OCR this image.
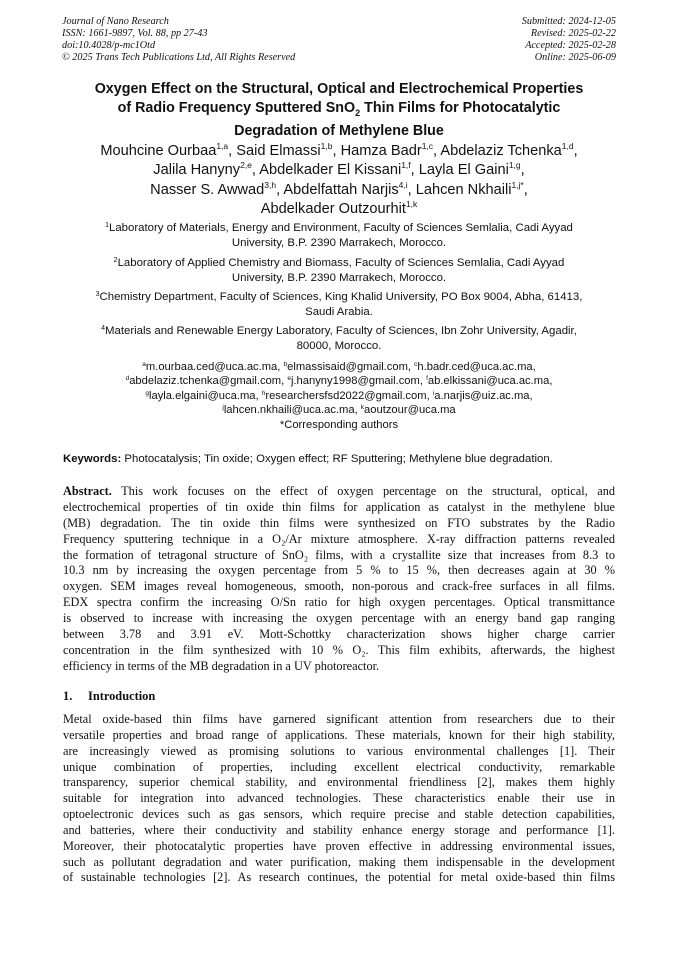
Journal of Nano Research
ISSN: 1661-9897, Vol. 88, pp 27-43
doi:10.4028/p-mc1Otd
© 2025 Trans Tech Publications Ltd, All Rights Reserved
Submitted: 2024-12-05
Revised: 2025-02-22
Accepted: 2025-02-28
Online: 2025-06-09
Oxygen Effect on the Structural, Optical and Electrochemical Properties
of Radio Frequency Sputtered SnO$_2$ Thin Films for Photocatalytic
Degradation of Methylene Blue
Mouhcine Ourbaa$^{1,a}$, Said Elmassi$^{1,b}$, Hamza Badr$^{1,c}$, Abdelaziz Tchenka$^{1,d}$,
Jalila Hanyny$^{2,e}$, Abdelkader El Kissani$^{1,f}$, Layla El Gaini$^{1,g}$,
Nasser S. Awwad$^{3,h}$, Abdelfattah Narjis$^{4,i}$, Lahcen Nkhaili$^{1,j*}$,
Abdelkader Outzourhit$^{1,k}$
$^1$Laboratory of Materials, Energy and Environment, Faculty of Sciences Semlalia, Cadi Ayyad
University, B.P. 2390 Marrakech, Morocco.
$^2$Laboratory of Applied Chemistry and Biomass, Faculty of Sciences Semlalia, Cadi Ayyad
University, B.P. 2390 Marrakech, Morocco.
$^3$Chemistry Department, Faculty of Sciences, King Khalid University, PO Box 9004, Abha, 61413,
Saudi Arabia.
$^4$Materials and Renewable Energy Laboratory, Faculty of Sciences, Ibn Zohr University, Agadir,
80000, Morocco.
$^a$m.ourbaa.ced@uca.ac.ma, $^b$elmassisaid@gmail.com, $^c$h.badr.ced@uca.ac.ma,
$^d$abdelaziz.tchenka@gmail.com, $^e$j.hanyny1998@gmail.com, $^f$ab.elkissani@uca.ac.ma,
$^g$layla.elgaini@uca.ma, $^h$researchersfsd2022@gmail.com, $^i$a.narjis@uiz.ac.ma,
$^j$lahcen.nkhaili@uca.ac.ma, $^k$aoutzour@uca.ma
*Corresponding authors
Keywords: Photocatalysis; Tin oxide; Oxygen effect; RF Sputtering; Methylene blue degradation.
Abstract. This work focuses on the effect of oxygen percentage on the structural, optical, and
electrochemical properties of tin oxide thin films for application as catalyst in the methylene blue
(MB) degradation. The tin oxide thin films were synthesized on FTO substrates by the Radio
Frequency sputtering technique in a O₂/Ar mixture atmosphere. X-ray diffraction patterns revealed
the formation of tetragonal structure of SnO₂ films, with a crystallite size that increases from 8.3 to
10.3 nm by increasing the oxygen percentage from 5 % to 15 %, then decreases again at 30 %
oxygen. SEM images reveal homogeneous, smooth, non-porous and crack-free surfaces in all films.
EDX spectra confirm the increasing O/Sn ratio for high oxygen percentages. Optical transmittance
is observed to increase with increasing the oxygen percentage with an energy band gap ranging
between 3.78 and 3.91 eV. Mott-Schottky characterization shows higher charge carrier
concentration in the film synthesized with 10 % O₂. This film exhibits, afterwards, the highest
efficiency in terms of the MB degradation in a UV photoreactor.
1. Introduction
Metal oxide-based thin films have garnered significant attention from researchers due to their
versatile properties and broad range of applications. These materials, known for their high stability,
are increasingly viewed as promising solutions to various environmental challenges [1]. Their
unique combination of properties, including excellent electrical conductivity, remarkable
transparency, superior chemical stability, and environmental friendliness [2], makes them highly
suitable for integration into advanced technologies. These characteristics enable their use in
optoelectronic devices such as gas sensors, which require precise and stable detection capabilities,
and batteries, where their conductivity and stability enhance energy storage and performance [1].
Moreover, their photocatalytic properties have proven effective in addressing environmental issues,
such as pollutant degradation and water purification, making them indispensable in the development
of sustainable technologies [2]. As research continues, the potential for metal oxide-based thin films
